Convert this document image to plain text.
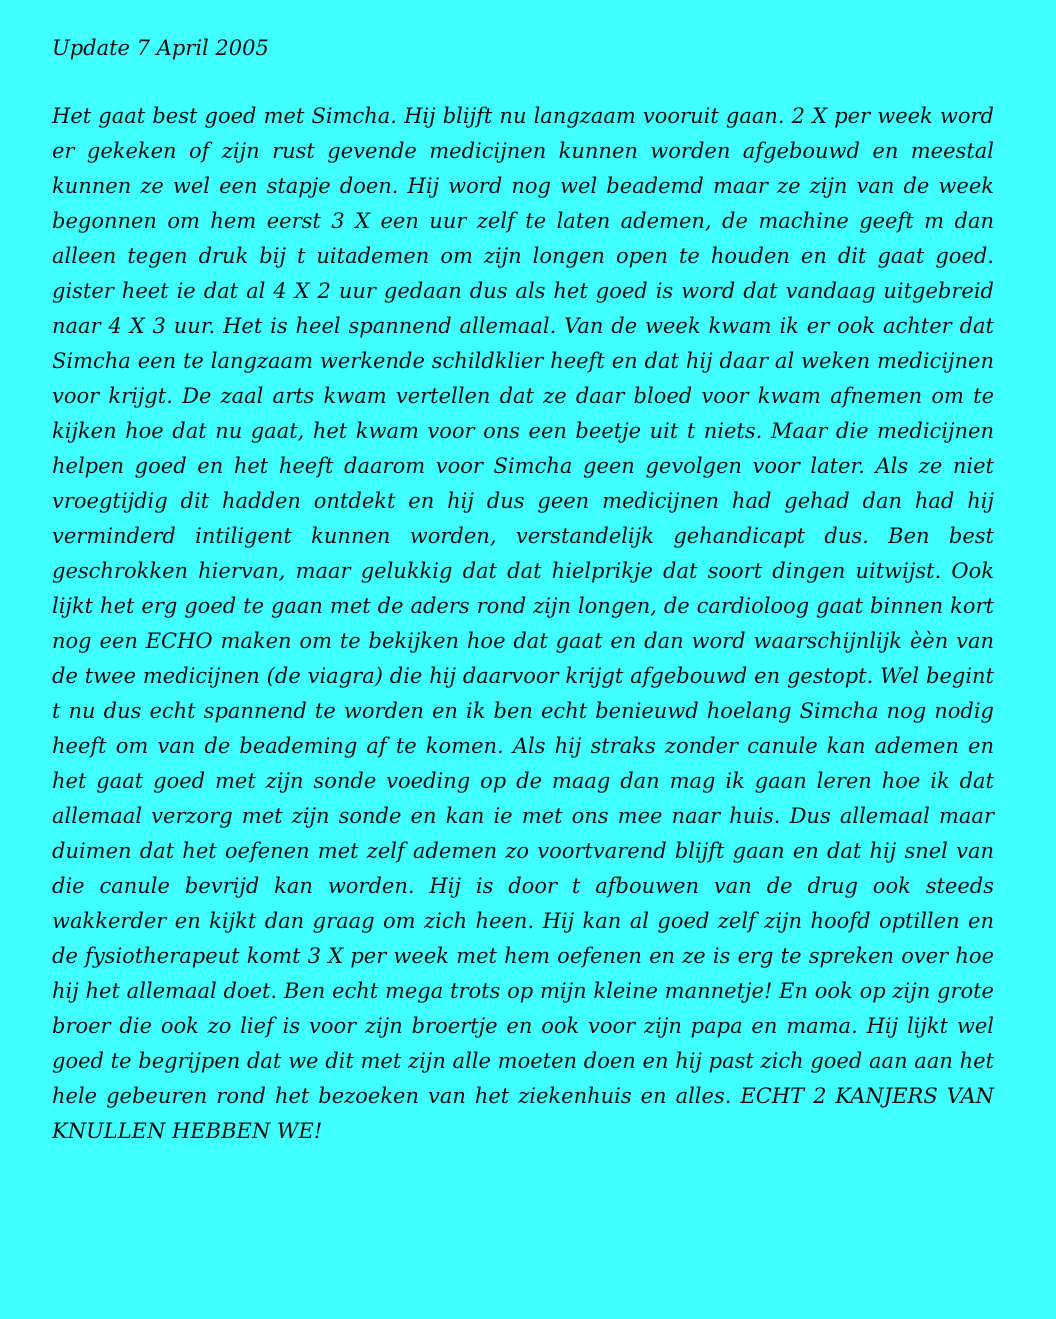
Update 7 April 2005

Het gaat best goed met Simcha. Hij blijft nu langzaam vooruit gaan. 2 X per week word er gekeken of zijn rust gevende medicijnen kunnen worden afgebouwd en meestal kunnen ze wel een stapje doen. Hij word nog wel beademd maar ze zijn van de week begonnen om hem eerst 3 X een uur zelf te laten ademen, de machine geeft m dan alleen tegen druk bij t uitademen om zijn longen open te houden en dit gaat goed. gister heet ie dat al 4 X 2 uur gedaan dus als het goed is word dat vandaag uitgebreid naar 4 X 3 uur. Het is heel spannend allemaal. Van de week kwam ik er ook achter dat Simcha een te langzaam werkende schildklier heeft en dat hij daar al weken medicijnen voor krijgt. De zaal arts kwam vertellen dat ze daar bloed voor kwam afnemen om te kijken hoe dat nu gaat, het kwam voor ons een beetje uit t niets. Maar die medicijnen helpen goed en het heeft daarom voor Simcha geen gevolgen voor later. Als ze niet vroegtijdig dit hadden ontdekt en hij dus geen medicijnen had gehad dan had hij verminderd intiligent kunnen worden, verstandelijk gehandicapt dus. Ben best geschrokken hiervan, maar gelukkig dat dat hielprikje dat soort dingen uitwijst. Ook lijkt het erg goed te gaan met de aders rond zijn longen, de cardioloog gaat binnen kort nog een ECHO maken om te bekijken hoe dat gaat en dan word waarschijnlijk èèn van de twee medicijnen (de viagra) die hij daarvoor krijgt afgebouwd en gestopt. Wel begint t nu dus echt spannend te worden en ik ben echt benieuwd hoelang Simcha nog nodig heeft om van de beademing af te komen. Als hij straks zonder canule kan ademen en het gaat goed met zijn sonde voeding op de maag dan mag ik gaan leren hoe ik dat allemaal verzorg met zijn sonde en kan ie met ons mee naar huis. Dus allemaal maar duimen dat het oefenen met zelf ademen zo voortvarend blijft gaan en dat hij snel van die canule bevrijd kan worden. Hij is door t afbouwen van de drug ook steeds wakkerder en kijkt dan graag om zich heen. Hij kan al goed zelf zijn hoofd optillen en de fysiotherapeut komt 3 X per week met hem oefenen en ze is erg te spreken over hoe hij het allemaal doet. Ben echt mega trots op mijn kleine mannetje! En ook op zijn grote broer die ook zo lief is voor zijn broertje en ook voor zijn papa en mama. Hij lijkt wel goed te begrijpen dat we dit met zijn alle moeten doen en hij past zich goed aan aan het hele gebeuren rond het bezoeken van het ziekenhuis en alles. ECHT 2 KANJERS VAN KNULLEN HEBBEN WE!
